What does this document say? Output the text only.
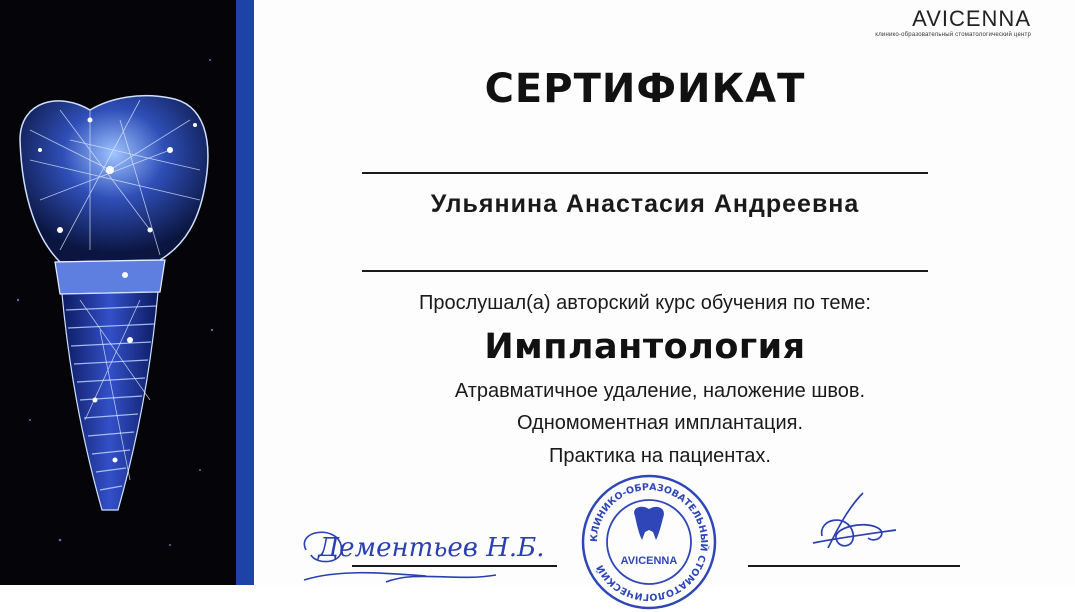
AVICENNA
клинико-образовательный стоматологический центр
СЕРТИФИКАТ
Ульянина Анастасия Андреевна
Прослушал(а) авторский курс обучения по теме:
Имплантология
Атравматичное удаление, наложение швов.
Одномоментная имплантация.
Практика на пациентах.
Дементьев Н.Б.	КЛИНИКО-ОБРАЗОВАТЕЛЬНЫЙ СТОМАТОЛОГИЧЕСКИЙ
AVICENNA
